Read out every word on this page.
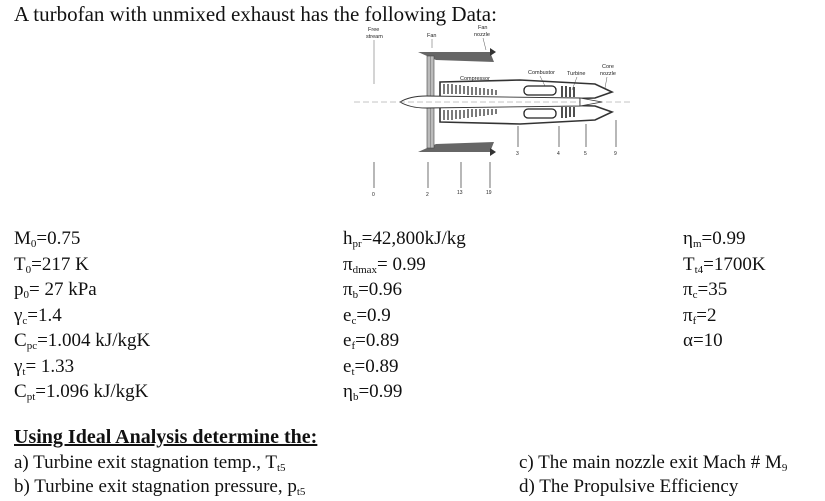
A turbofan with unmixed exhaust has the following Data:
Free
stream	Fan
Fan
nozzle
Compressor
Combustor Turbine
Core
nozzle
0	2	13	19
3	4	5	9
$M_0=0.75$
$T_0=217$ K
$p_0= 27$ kPa
$\gamma_c=1.4$
$C_{pc}=1.004$ kJ/kgK
$\gamma_t= 1.33$
$C_{pt}=1.096$ kJ/kgK
$h_{pr}=42,800kJ/kg$
$\pi_{dmax}= 0.99$
$\pi_b=0.96$
$e_c=0.9$
$e_f=0.89$
$e_t=0.89$
$\eta_b=0.99$
$\eta_m=0.99$
$T_{t4}=1700K$
$\pi_c=35$
$\pi_f=2$
α=10
Using Ideal Analysis determine the:
a) Turbine exit stagnation temp., $T_{t5}$
b) Turbine exit stagnation pressure, $p_{t5}$
c) The main nozzle exit Mach # $M_9$
d) The Propulsive Efficiency
